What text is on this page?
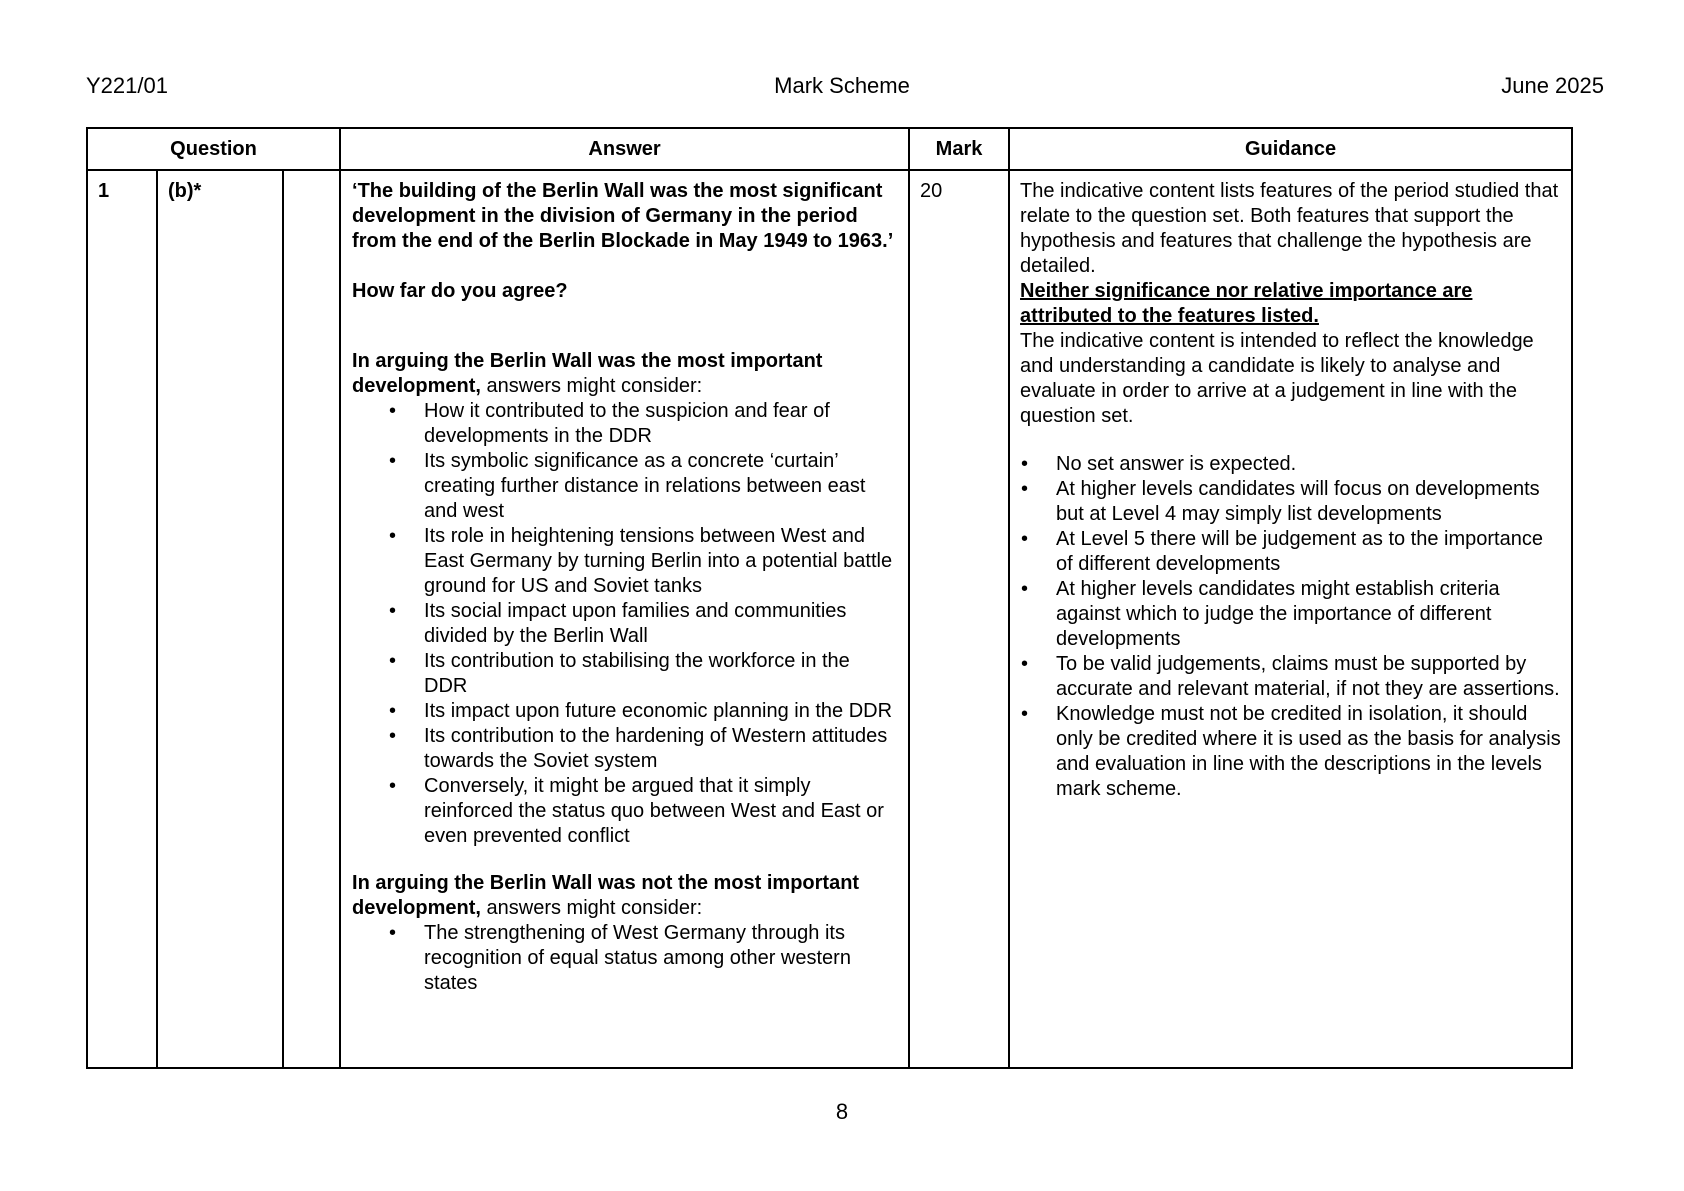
Y221/01	Mark Scheme	June 2025
Question			Answer	Mark	Guidance
1	(b)*		‘The building of the Berlin Wall was the most significant development in the division of Germany in the period from the end of the Berlin Blockade in May 1949 to 1963.’

How far do you agree?

In arguing the Berlin Wall was the most important development, answers might consider:

• How it contributed to the suspicion and fear of developments in the DDR
• Its symbolic significance as a concrete ‘curtain’ creating further distance in relations between east and west
• Its role in heightening tensions between West and East Germany by turning Berlin into a potential battle ground for US and Soviet tanks
• Its social impact upon families and communities divided by the Berlin Wall
• Its contribution to stabilising the workforce in the DDR
• Its impact upon future economic planning in the DDR
• Its contribution to the hardening of Western attitudes towards the Soviet system
• Conversely, it might be argued that it simply reinforced the status quo between West and East or even prevented conflict

In arguing the Berlin Wall was not the most important development, answers might consider:

• The strengthening of West Germany through its recognition of equal status among other western states
	20	The indicative content lists features of the period studied that relate to the question set. Both features that support the hypothesis and features that challenge the hypothesis are detailed.

Neither significance nor relative importance are attributed to the features listed.

The indicative content is intended to reflect the knowledge and understanding a candidate is likely to analyse and evaluate in order to arrive at a judgement in line with the question set.

• No set answer is expected.
• At higher levels candidates will focus on developments but at Level 4 may simply list developments
• At Level 5 there will be judgement as to the importance of different developments
• At higher levels candidates might establish criteria against which to judge the importance of different developments
• To be valid judgements, claims must be supported by accurate and relevant material, if not they are assertions.
• Knowledge must not be credited in isolation, it should only be credited where it is used as the basis for analysis and evaluation in line with the descriptions in the levels mark scheme.
8
